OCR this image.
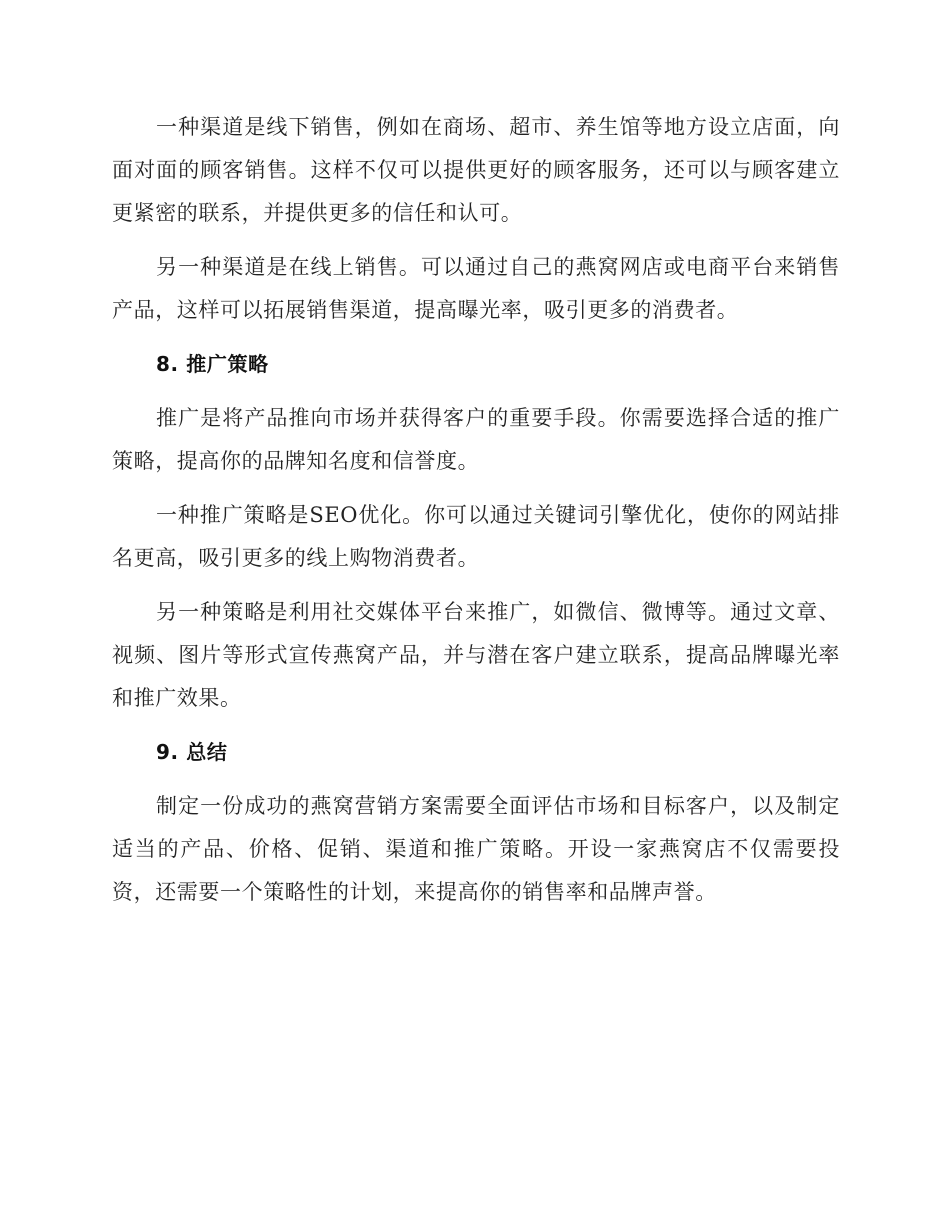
一种渠道是线下销售，例如在商场、超市、养生馆等地方设立店面，向面对面的顾客销售。这样不仅可以提供更好的顾客服务，还可以与顾客建立更紧密的联系，并提供更多的信任和认可。

另一种渠道是在线上销售。可以通过自己的燕窝网店或电商平台来销售产品，这样可以拓展销售渠道，提高曝光率，吸引更多的消费者。

8. 推广策略

推广是将产品推向市场并获得客户的重要手段。你需要选择合适的推广策略，提高你的品牌知名度和信誉度。

一种推广策略是SEO优化。你可以通过关键词引擎优化，使你的网站排名更高，吸引更多的线上购物消费者。

另一种策略是利用社交媒体平台来推广，如微信、微博等。通过文章、视频、图片等形式宣传燕窝产品，并与潜在客户建立联系，提高品牌曝光率和推广效果。

9. 总结

制定一份成功的燕窝营销方案需要全面评估市场和目标客户，以及制定适当的产品、价格、促销、渠道和推广策略。开设一家燕窝店不仅需要投资，还需要一个策略性的计划，来提高你的销售率和品牌声誉。
